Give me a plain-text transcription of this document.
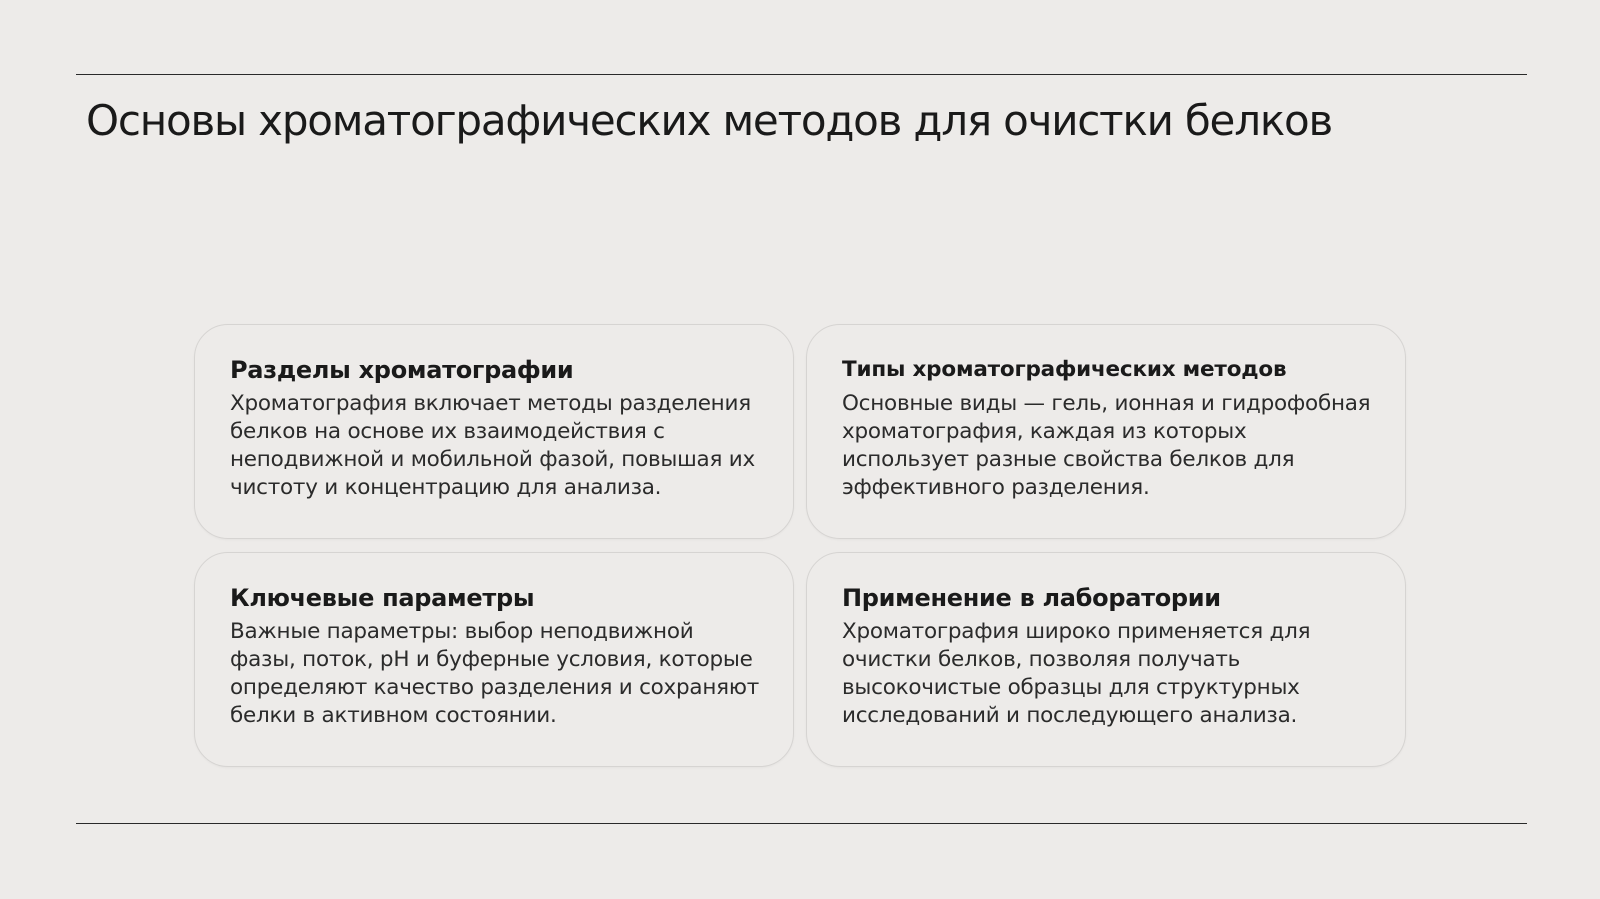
Основы хроматографических методов для очистки белков
Разделы хроматографии

Хроматография включает методы разделения белков на основе их взаимодействия с неподвижной и мобильной фазой, повышая их чистоту и концентрацию для анализа.

Типы хроматографических методов

Основные виды — гель, ионная и гидрофобная хроматография, каждая из которых использует разные свойства белков для эффективного разделения.

Ключевые параметры

Важные параметры: выбор неподвижной фазы, поток, pH и буферные условия, которые определяют качество разделения и сохраняют белки в активном состоянии.

Применение в лаборатории

Хроматография широко применяется для очистки белков, позволяя получать высокочистые образцы для структурных исследований и последующего анализа.
